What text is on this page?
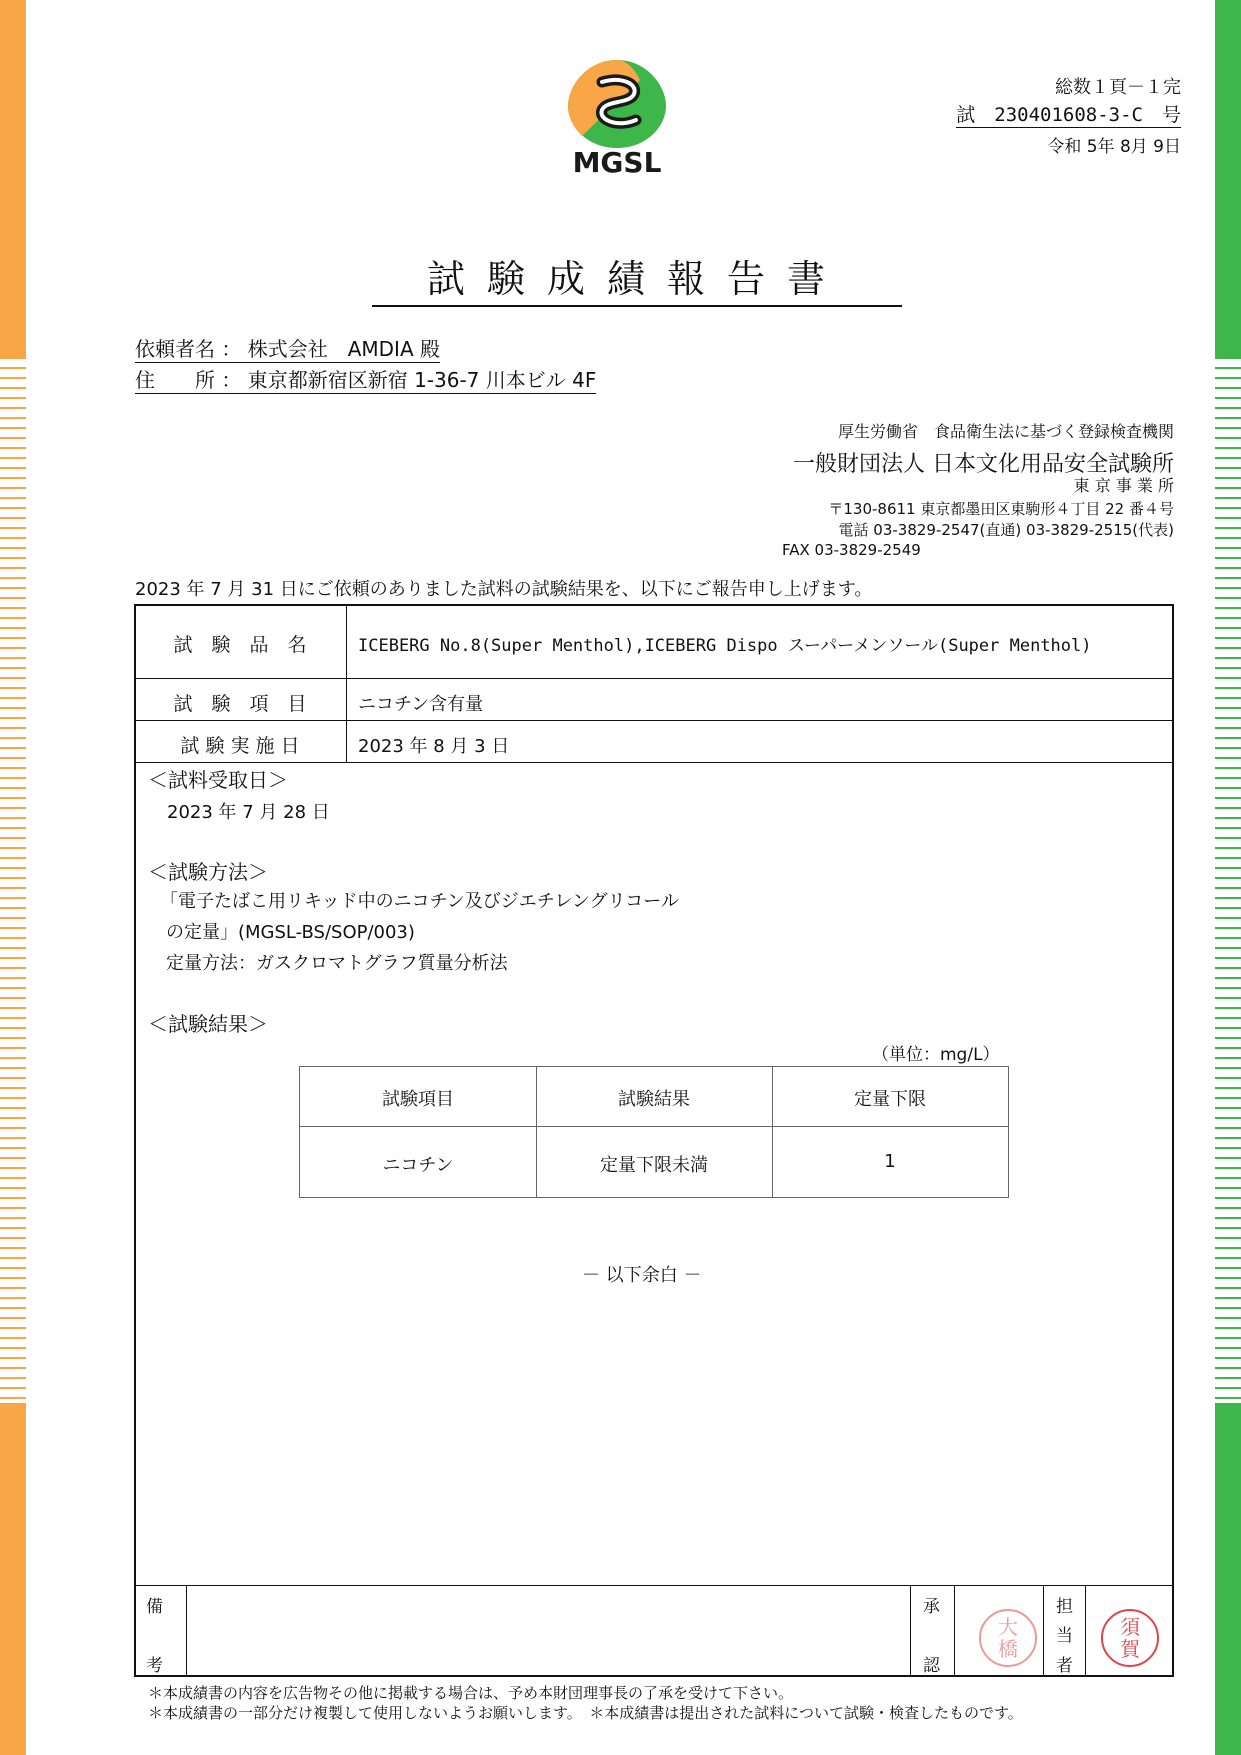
MGSL
総数１頁－１完
試　230401608-3-C　号
令和 5年 8月 9日
試験成績報告書
依頼者名 ： 株式会社　AMDIA 殿
住　　所 ： 東京都新宿区新宿 1-36-7 川本ビル 4F
厚生労働省　食品衛生法に基づく登録検査機関
一般財団法人 日本文化用品安全試験所
東 京 事 業 所
〒130-8611 東京都墨田区東駒形４丁目 22 番４号
電話 03-3829-2547(直通) 03-3829-2515(代表)
FAX 03-3829-2549
2023 年 7 月 31 日にご依頼のありました試料の試験結果を、以下にご報告申し上げます。
試　験　品　名	ICEBERG No.8(Super Menthol),ICEBERG Dispo スーパーメンソール(Super Menthol)
試　験　項　目	ニコチン含有量
試 験 実 施 日	2023 年 8 月 3 日
＜試料受取日＞
2023 年 7 月 28 日
＜試験方法＞
「電子たばこ用リキッド中のニコチン及びジエチレングリコール
の定量」(MGSL-BS/SOP/003)
定量方法：ガスクロマトグラフ質量分析法
＜試験結果＞
（単位：mg/L）
試験項目	試験結果	定量下限
ニコチン	定量下限未満	1
－ 以下余白 －
備
考
承
認
大橋
担
当
者
須賀
＊本成績書の内容を広告物その他に掲載する場合は、予め本財団理事長の了承を受けて下さい。
＊本成績書の一部分だけ複製して使用しないようお願いします。　＊本成績書は提出された試料について試験・検査したものです。
